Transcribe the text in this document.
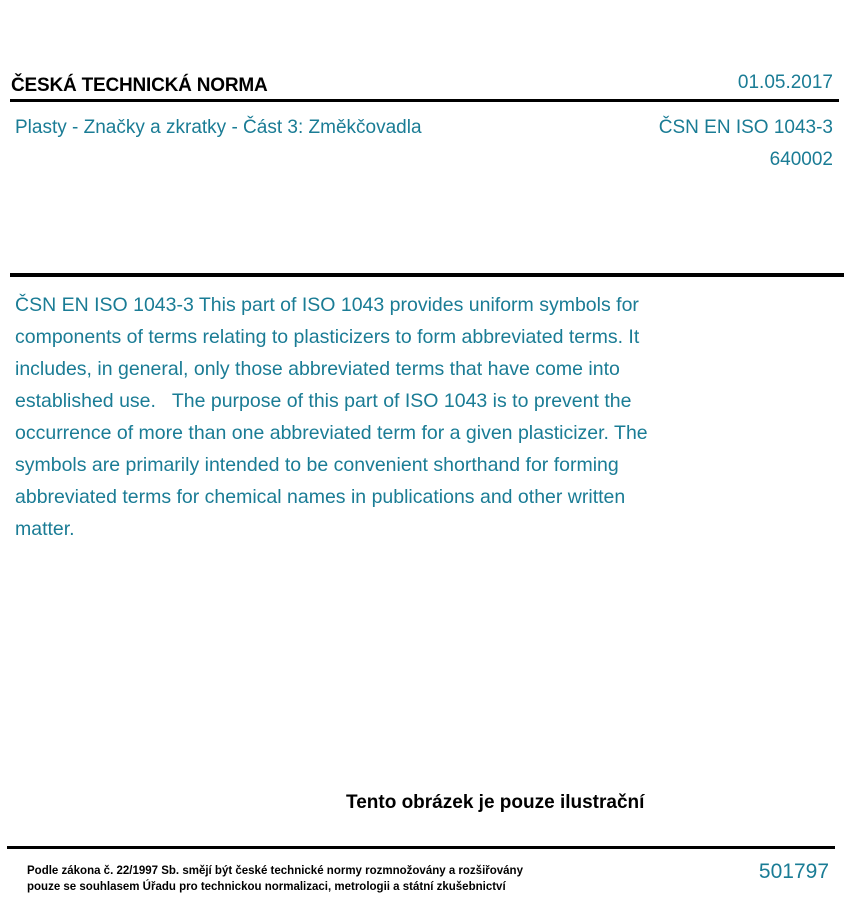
ČESKÁ TECHNICKÁ NORMA	01.05.2017
Plasty - Značky a zkratky - Část 3: Změkčovadla	ČSN EN ISO 1043-3
640002
ČSN EN ISO 1043-3 This part of ISO 1043 provides uniform symbols for components of terms relating to plasticizers to form abbreviated terms. It includes, in general, only those abbreviated terms that have come into established use.   The purpose of this part of ISO 1043 is to prevent the occurrence of more than one abbreviated term for a given plasticizer. The symbols are primarily intended to be convenient shorthand for forming abbreviated terms for chemical names in publications and other written matter.
Tento obrázek je pouze ilustrační
Podle zákona č. 22/1997 Sb. smějí být české technické normy rozmnožovány a rozšiřovány
pouze se souhlasem Úřadu pro technickou normalizaci, metrologii a státní zkušebnictví
501797
